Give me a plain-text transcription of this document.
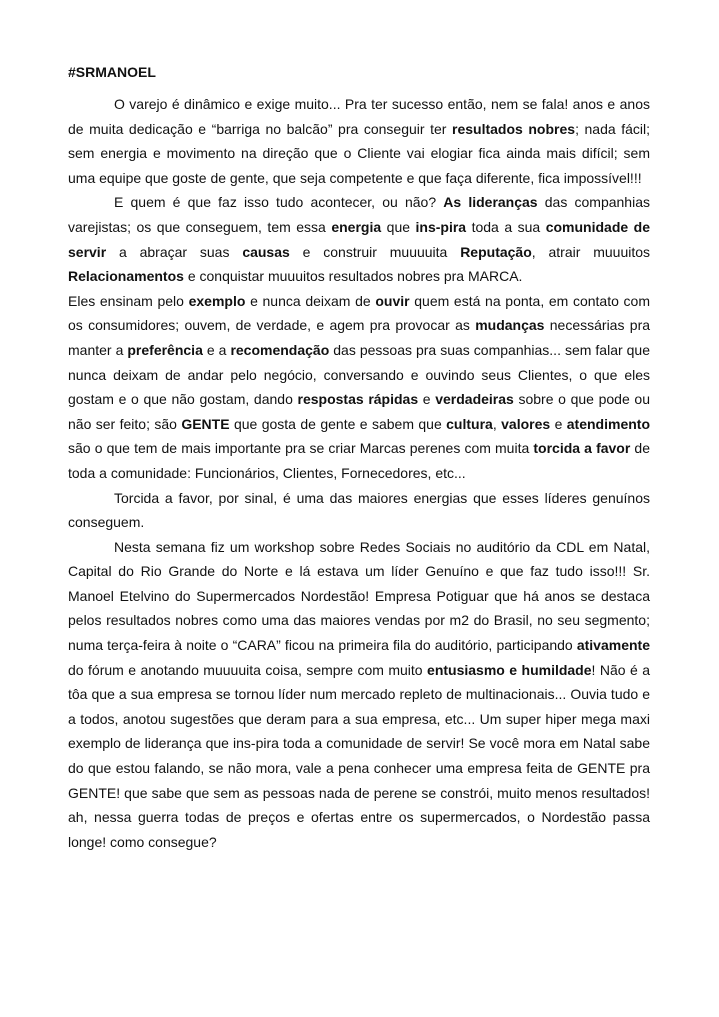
#SRMANOEL

O varejo é dinâmico e exige muito... Pra ter sucesso então, nem se fala! anos e anos de muita dedicação e “barriga no balcão” pra conseguir ter resultados nobres; nada fácil; sem energia e movimento na direção que o Cliente vai elogiar fica ainda mais difícil; sem uma equipe que goste de gente, que seja competente e que faça diferente, fica impossível!!!

E quem é que faz isso tudo acontecer, ou não? As lideranças das companhias varejistas; os que conseguem, tem essa energia que ins-pira toda a sua comunidade de servir a abraçar suas causas e construir muuuuita Reputação, atrair muuuitos Relacionamentos e conquistar muuuitos resultados nobres pra MARCA.

Eles ensinam pelo exemplo e nunca deixam de ouvir quem está na ponta, em contato com os consumidores; ouvem, de verdade, e agem pra provocar as mudanças necessárias pra manter a preferência e a recomendação das pessoas pra suas companhias... sem falar que nunca deixam de andar pelo negócio, conversando e ouvindo seus Clientes, o que eles gostam e o que não gostam, dando respostas rápidas e verdadeiras sobre o que pode ou não ser feito; são GENTE que gosta de gente e sabem que cultura, valores e atendimento são o que tem de mais importante pra se criar Marcas perenes com muita torcida a favor de toda a comunidade: Funcionários, Clientes, Fornecedores, etc...

Torcida a favor, por sinal, é uma das maiores energias que esses líderes genuínos conseguem.

Nesta semana fiz um workshop sobre Redes Sociais no auditório da CDL em Natal, Capital do Rio Grande do Norte e lá estava um líder Genuíno e que faz tudo isso!!! Sr. Manoel Etelvino do Supermercados Nordestão! Empresa Potiguar que há anos se destaca pelos resultados nobres como uma das maiores vendas por m2 do Brasil, no seu segmento; numa terça-feira à noite o “CARA” ficou na primeira fila do auditório, participando ativamente do fórum e anotando muuuuita coisa, sempre com muito entusiasmo e humildade! Não é a tôa que a sua empresa se tornou líder num mercado repleto de multinacionais... Ouvia tudo e a todos, anotou sugestões que deram para a sua empresa, etc... Um super hiper mega maxi exemplo de liderança que ins-pira toda a comunidade de servir! Se você mora em Natal sabe do que estou falando, se não mora, vale a pena conhecer uma empresa feita de GENTE pra GENTE! que sabe que sem as pessoas nada de perene se constrói, muito menos resultados! ah, nessa guerra todas de preços e ofertas entre os supermercados, o Nordestão passa longe! como consegue?
